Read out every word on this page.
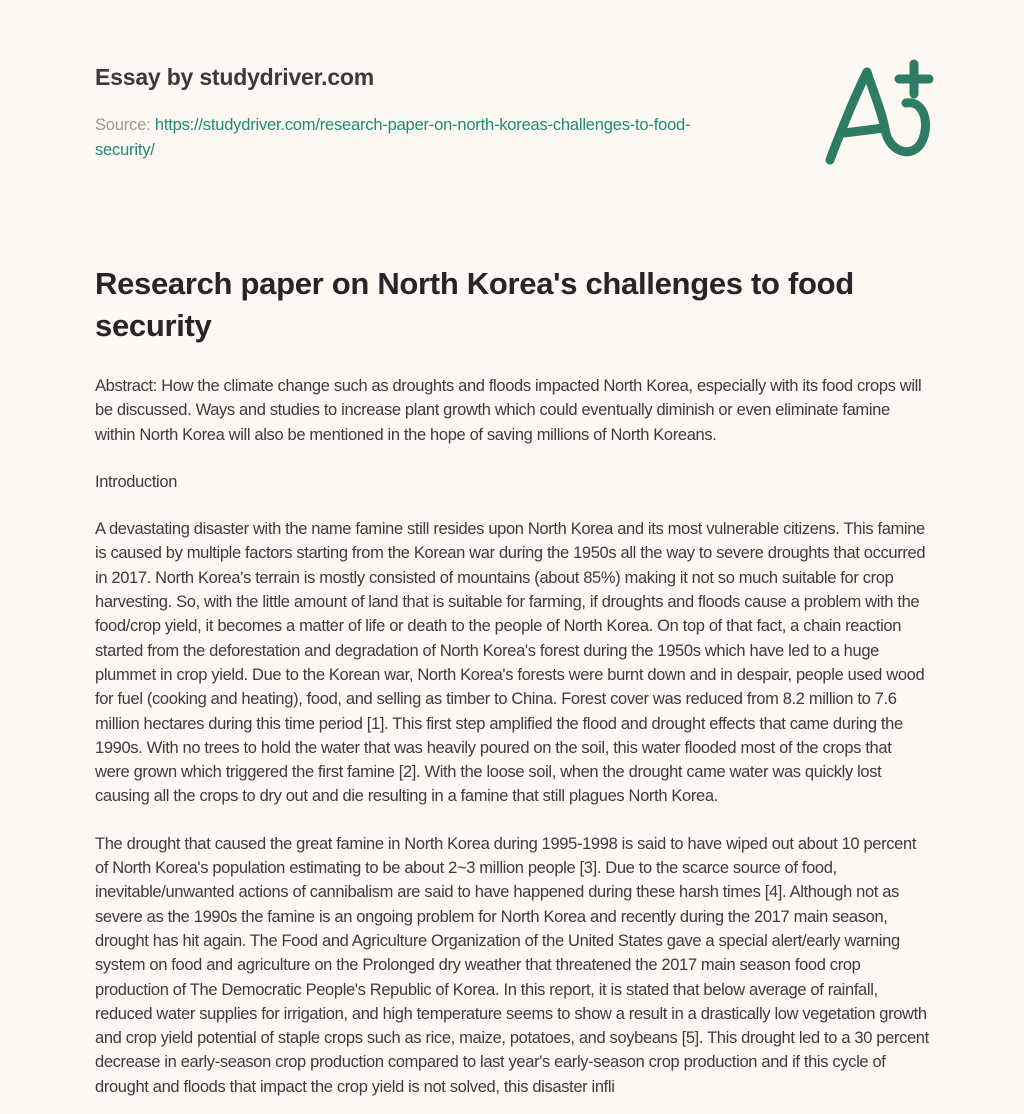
Essay by studydriver.com

Source: https://studydriver.com/research-paper-on-north-koreas-challenges-to-food-security/

Research paper on North Korea's challenges to food security

Abstract: How the climate change such as droughts and floods impacted North Korea, especially with its food crops will be discussed. Ways and studies to increase plant growth which could eventually diminish or even eliminate famine within North Korea will also be mentioned in the hope of saving millions of North Koreans.

Introduction

A devastating disaster with the name famine still resides upon North Korea and its most vulnerable citizens. This famine is caused by multiple factors starting from the Korean war during the 1950s all the way to severe droughts that occurred in 2017. North Korea's terrain is mostly consisted of mountains (about 85%) making it not so much suitable for crop harvesting. So, with the little amount of land that is suitable for farming, if droughts and floods cause a problem with the food/crop yield, it becomes a matter of life or death to the people of North Korea. On top of that fact, a chain reaction started from the deforestation and degradation of North Korea's forest during the 1950s which have led to a huge plummet in crop yield. Due to the Korean war, North Korea's forests were burnt down and in despair, people used wood for fuel (cooking and heating), food, and selling as timber to China. Forest cover was reduced from 8.2 million to 7.6 million hectares during this time period [1]. This first step amplified the flood and drought effects that came during the 1990s. With no trees to hold the water that was heavily poured on the soil, this water flooded most of the crops that were grown which triggered the first famine [2]. With the loose soil, when the drought came water was quickly lost causing all the crops to dry out and die resulting in a famine that still plagues North Korea.

The drought that caused the great famine in North Korea during 1995-1998 is said to have wiped out about 10 percent of North Korea's population estimating to be about 2~3 million people [3]. Due to the scarce source of food, inevitable/unwanted actions of cannibalism are said to have happened during these harsh times [4]. Although not as severe as the 1990s the famine is an ongoing problem for North Korea and recently during the 2017 main season, drought has hit again. The Food and Agriculture Organization of the United States gave a special alert/early warning system on food and agriculture on the Prolonged dry weather that threatened the 2017 main season food crop production of The Democratic People's Republic of Korea. In this report, it is stated that below average of rainfall, reduced water supplies for irrigation, and high temperature seems to show a result in a drastically low vegetation growth and crop yield potential of staple crops such as rice, maize, potatoes, and soybeans [5]. This drought led to a 30 percent decrease in early-season crop production compared to last year's early-season crop production and if this cycle of drought and floods that impact the crop yield is not solved, this disaster infli
